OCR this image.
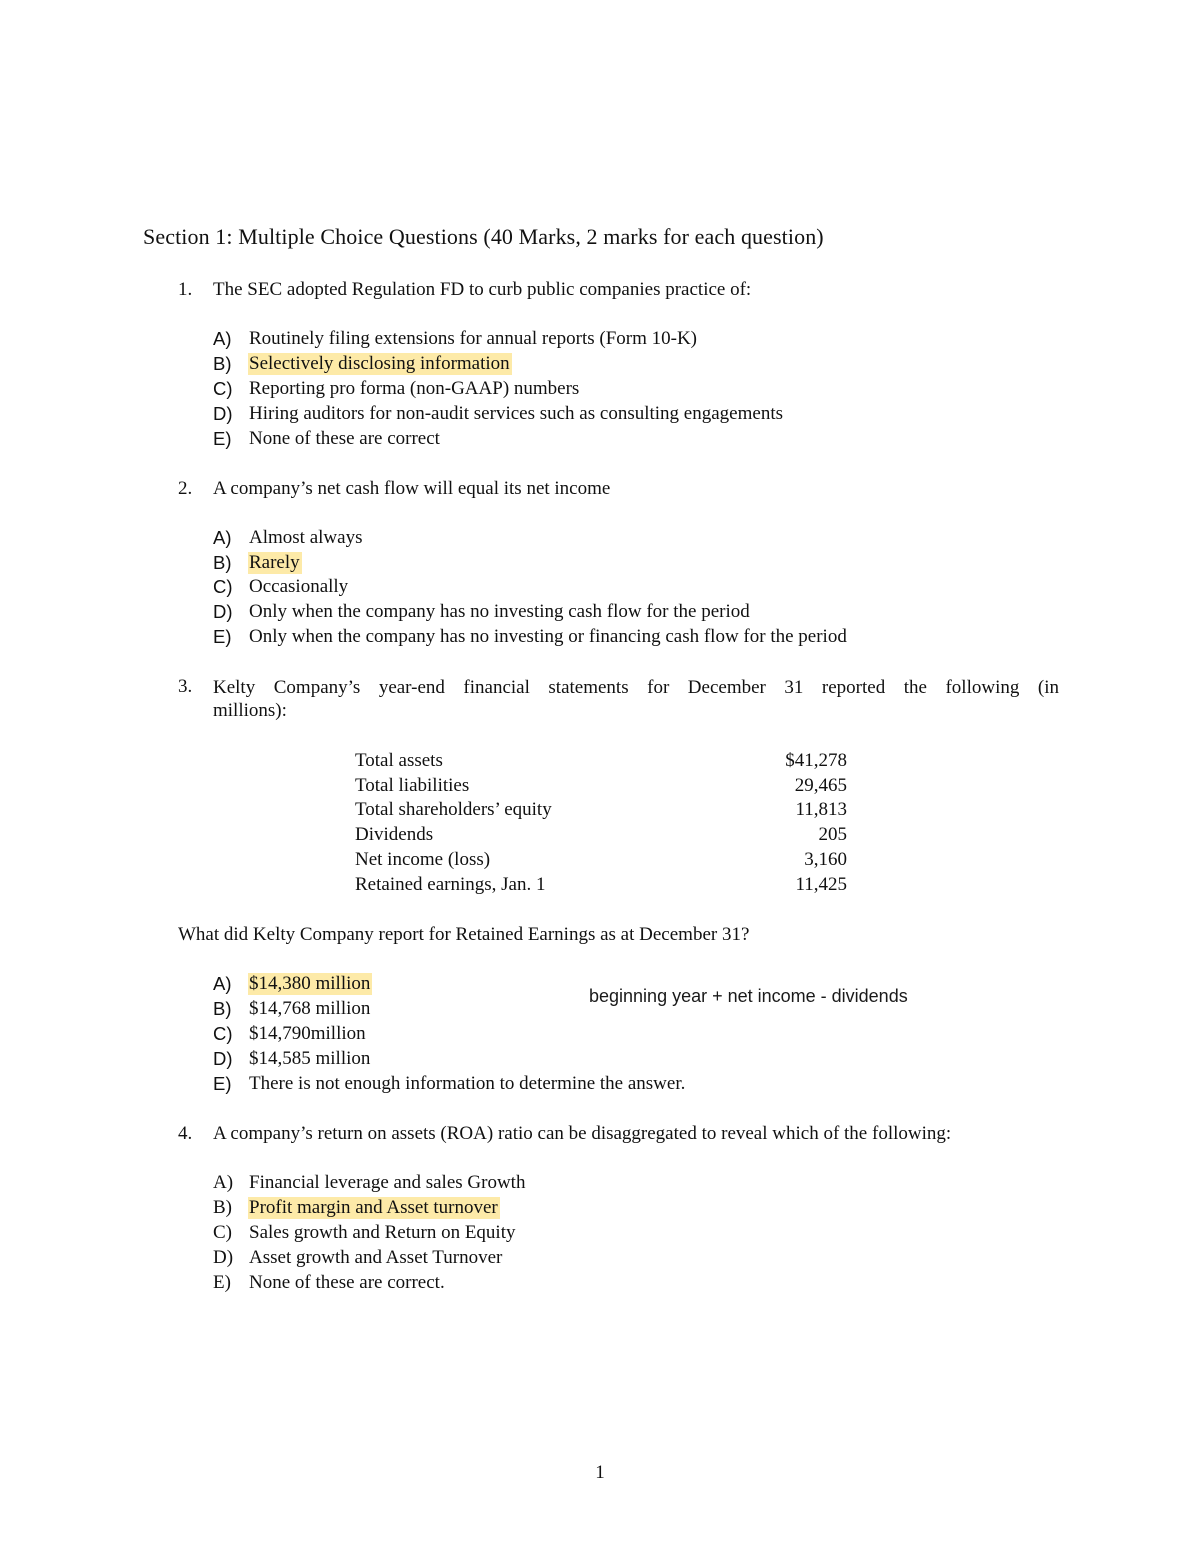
Section 1: Multiple Choice Questions (40 Marks, 2 marks for each question)
1. The SEC adopted Regulation FD to curb public companies practice of:
A) Routinely filing extensions for annual reports (Form 10-K)
B) Selectively disclosing information
C) Reporting pro forma (non-GAAP) numbers
D) Hiring auditors for non-audit services such as consulting engagements
E) None of these are correct
2. A company’s net cash flow will equal its net income
A) Almost always
B) Rarely
C) Occasionally
D) Only when the company has no investing cash flow for the period
E) Only when the company has no investing or financing cash flow for the period
3. Kelty Company’s year-end financial statements for December 31 reported the following (in
millions):
Total assets	$41,278
Total liabilities	29,465
Total shareholders’ equity	11,813
Dividends	205
Net income (loss)	3,160
Retained earnings, Jan. 1	11,425
What did Kelty Company report for Retained Earnings as at December 31?
A) $14,380 million
B) $14,768 million
C) $14,790million
D) $14,585 million
E) There is not enough information to determine the answer.
beginning year + net income - dividends
4. A company’s return on assets (ROA) ratio can be disaggregated to reveal which of the following:
A) Financial leverage and sales Growth
B) Profit margin and Asset turnover
C) Sales growth and Return on Equity
D) Asset growth and Asset Turnover
E) None of these are correct.
1
